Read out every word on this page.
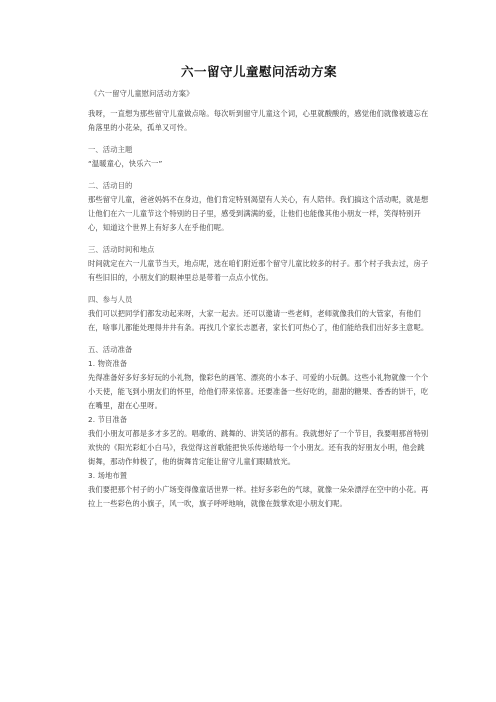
六一留守儿童慰问活动方案

《六一留守儿童慰问活动方案》

我呀，一直想为那些留守儿童做点啥。每次听到留守儿童这个词，心里就酸酸的，感觉他们就像被遗忘在角落里的小花朵，孤单又可怜。

一、活动主题

“温暖童心，快乐六一”

二、活动目的

那些留守儿童，爸爸妈妈不在身边，他们肯定特别渴望有人关心，有人陪伴。我们搞这个活动呢，就是想让他们在六一儿童节这个特别的日子里，感受到满满的爱，让他们也能像其他小朋友一样，笑得特别开心，知道这个世界上有好多人在乎他们呢。

三、活动时间和地点

时间就定在六一儿童节当天，地点呢，选在咱们附近那个留守儿童比较多的村子。那个村子我去过，房子有些旧旧的，小朋友们的眼神里总是带着一点点小忧伤。

四、参与人员

我们可以把同学们都发动起来呀，大家一起去。还可以邀请一些老师，老师就像我们的大管家，有他们在，啥事儿都能处理得井井有条。再找几个家长志愿者，家长们可热心了，他们能给我们出好多主意呢。

五、活动准备

1. 物资准备

先得准备好多好多好玩的小礼物，像彩色的画笔、漂亮的小本子、可爱的小玩偶。这些小礼物就像一个个小天使，能飞到小朋友们的怀里，给他们带来惊喜。还要准备一些好吃的，甜甜的糖果、香香的饼干，吃在嘴里，甜在心里呀。

2. 节目准备

我们小朋友可都是多才多艺的。唱歌的、跳舞的、讲笑话的都有。我就想好了一个节目，我要唱那首特别欢快的《阳光彩虹小白马》，我觉得这首歌能把快乐传递给每一个小朋友。还有我的好朋友小明，他会跳街舞，那动作帅极了，他的街舞肯定能让留守儿童们眼睛放光。

3. 场地布置

我们要把那个村子的小广场变得像童话世界一样。挂好多彩色的气球，就像一朵朵漂浮在空中的小花。再拉上一些彩色的小旗子，风一吹，旗子呼呼地响，就像在鼓掌欢迎小朋友们呢。
